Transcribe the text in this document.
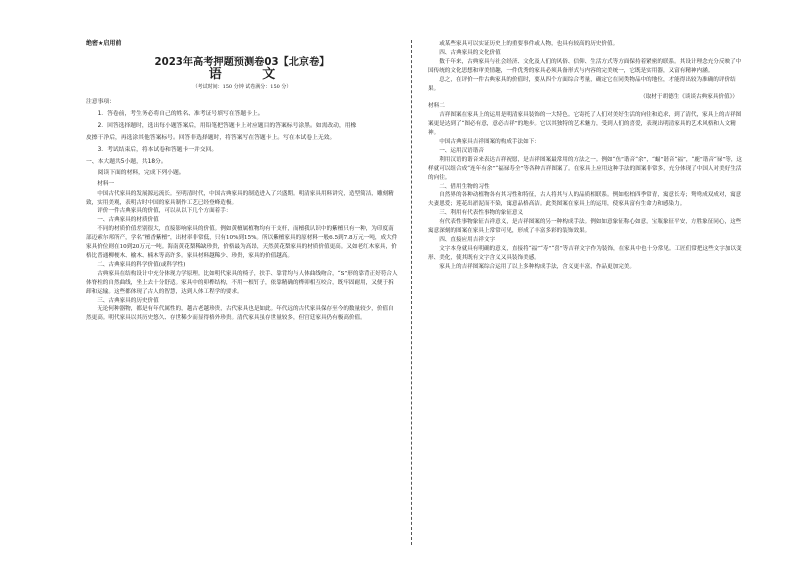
绝密★启用前
2023年高考押题预测卷03【北京卷】
语 文
（考试时间：150 分钟 试卷满分：150 分）

注意事项：

1．答卷前，考生务必将自己的姓名、准考证号填写在答题卡上。

2．回答选择题时，选出每小题答案后，用铅笔把答题卡上对应题目的答案标号涂黑。如需改动，用橡

皮擦干净后，再选涂其他答案标号。回答非选择题时，将答案写在答题卡上。写在本试卷上无效。

3．考试结束后，将本试卷和答题卡一并交回。

一、本大题共5小题，共18分。

阅读下面的材料，完成下列小题。

材料一

中国古代家具的发展源远流长。至明清时代，中国古典家具的制造进入了兴盛期。明清家具用料讲究，造型简洁，雕刻精致，实用美观，表明古时中国的家具制作工艺已经登峰造极。

评价一件古典家具的价值，可以从以下几个方面着手：

一、古典家具的材质价值

不同的材质价值差别很大，直接影响家具的价值。例如黄檀属植物均有干支杆，而檀我认识中的紫檀只有一种，为印度南部迈索尔邦所产，学名“檀香紫檀”，出材率非常低，只有10%到15%。所以紫檀家具的原材料一般6.5到7.8万元一吨，成大件家具价位则在10到20万元一吨。海南黄花梨稀缺珍贵，价格最为高昂，天然黄花梨家具的材质价值更高。又如老红木家具，价格比普通柳梗木、榆木、楠木等高许多。家具材料越稀少、珍贵，家具的价值越高。

二、古典家具的科学价值(或科学性)

古典家具在结构设计中充分体现力学原理。比如明代家具的椅子，扶手、靠背均与人体曲线吻合，“S”形的靠背正好符合人体脊柱的自然曲线，坐上去十分舒适。家具中的卯榫结构，不用一根钉子，依靠精确的榫卯相互咬合，既牢固耐用，又便于拆卸和运输。这些都体现了古人的智慧，达到人体工程学的要求。

三、古典家具的历史价值

无论何种器物，都是有年代属性的，越古老越珍贵，古代家具也是如此。年代远的古代家具保存至今的数量较少，价值自然更高。明代家具以其历史悠久、存世稀少而显得格外珍贵。清代家具虽存世量较多，但宫廷家具仍有极高价值。

或某些家具可以实证历史上的重要事件或人物，也具有较高的历史价值。

四、古典家具的文化价值

数千年来，古典家具与社会经济、文化及人们的风俗、信仰、生活方式等方面保持着紧密的联系。其设计理念充分反映了中国传统的文化思想和审美情趣，一件优秀的家具必须具备形式与内容的完美统一，它既是实用器，又富有精神内涵。

总之，在评价一件古典家具的价值时，要从四个方面综合考量，确定它在同类物品中的地位，才能得出较为准确的评价结果。

（取材于胡德生《谈谈古典家具价值》）

材料二

吉祥图案在家具上的运用是明清家具装饰的一大特色。它寄托了人们对美好生活的向往和追求，到了清代，家具上的吉祥图案更是达到了“图必有意，意必吉祥”的地步。它以其独特的艺术魅力，受到人们的喜爱，表现出明清家具的艺术风格和人文精神。

中国古典家具吉祥图案的构成手法如下：

一、运用汉语谐音

利用汉语的谐音来表达吉祥祝愿，是吉祥图案最常用的方法之一。例如“鱼”谐音“余”，“蝠”谐音“福”，“鹿”谐音“禄”等，这样就可以组合成“连年有余”“福禄寿全”等各种吉祥图案了。在家具上应用这种手法的图案非常多，充分体现了中国人对美好生活的向往。

二、借用生物的习性

自然界的各种动植物各有其习性和特征，古人将其与人的品质相联系。例如松柏四季常青，寓意长寿；鸳鸯成双成对，寓意夫妻恩爱；莲花出淤泥而不染，寓意品格高洁。此类图案在家具上的运用，使家具富有生命力和感染力。

三、利用有代表性事物的象征意义

有代表性事物象征吉祥意义，是吉祥图案的另一种构成手法。例如如意象征称心如意，宝瓶象征平安，方胜象征同心，这些寓意深刻的图案在家具上常常可见，形成了丰富多彩的装饰效果。

四、直接应用吉祥文字

文字本身就具有明确的意义，直接将“福”“寿”“喜”等吉祥文字作为装饰，在家具中也十分常见。工匠们常把这些文字加以变形、美化，使其既有文字含义又具装饰美感。

家具上的吉祥图案综合运用了以上多种构成手法，含义更丰富，作品更加完美。
